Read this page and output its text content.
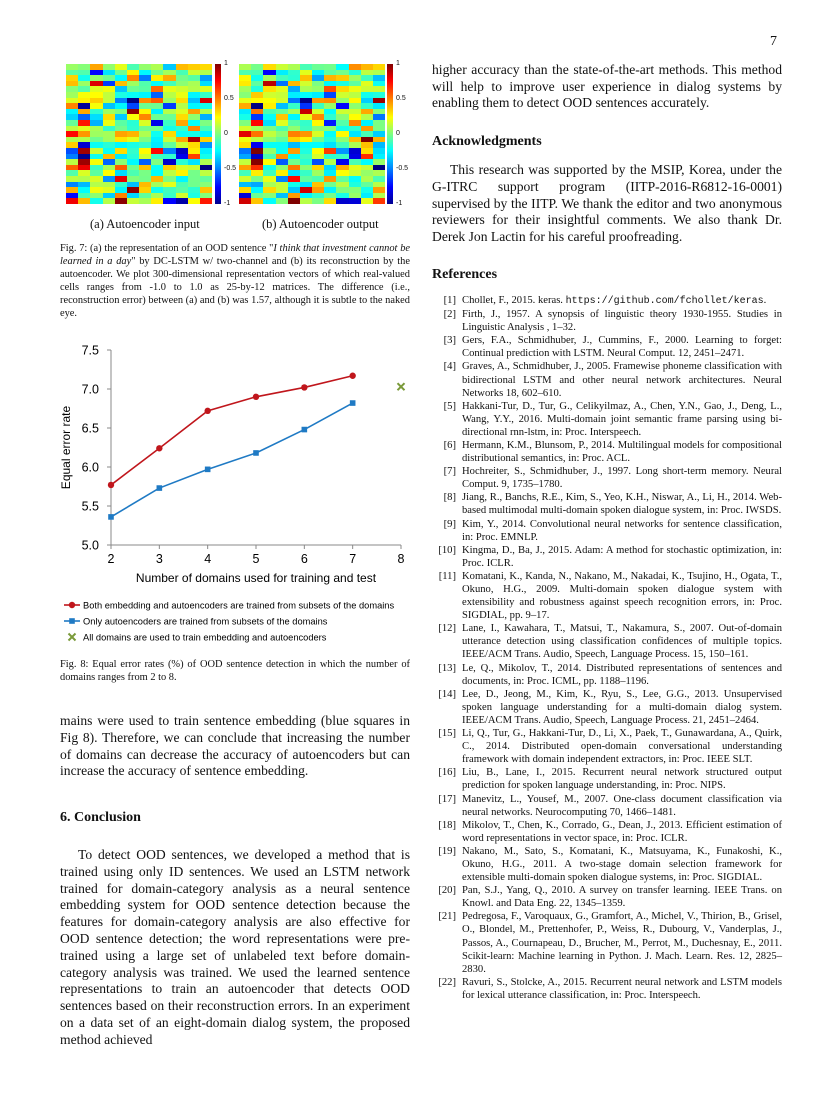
7
1
0.5
0
-0.5
-1
1
0.5
0
-0.5
-1
(a) Autoencoder input	(b) Autoencoder output
Fig. 7: (a) the representation of an OOD sentence "I think that investment cannot be learned in a day" by DC-LSTM w/ two-channel and (b) its reconstruction by the autoencoder. We plot 300-dimensional representation vectors of which real-valued cells ranges from -1.0 to 1.0 as 25-by-12 matrices. The difference (i.e., reconstruction error) between (a) and (b) was 1.57, although it is subtle to the naked eye.
5.0
5.5
6.0
6.5
7.0
7.5
2	3	4	5	6	7	8
Number of domains used for training and test
Equal error rate
Both embedding and autoencoders are trained from subsets of the domains
Only autoencoders are trained from subsets of the domains
All domains are used to train embedding and autoencoders
Fig. 8: Equal error rates (%) of OOD sentence detection in which the number of domains ranges from 2 to 8.

mains were used to train sentence embedding (blue squares in Fig 8). Therefore, we can conclude that increasing the number of domains can decrease the accuracy of autoencoders but can increase the accuracy of sentence embedding.

6. Conclusion

To detect OOD sentences, we developed a method that is trained using only ID sentences. We used an LSTM network trained for domain-category analysis as a neural sentence embedding system for OOD sentence detection because the features for domain-category analysis are also effective for OOD sentence detection; the word representations were pre-trained using a large set of unlabeled text before domain-category analysis was trained. We used the learned sentence representations to train an autoencoder that detects OOD sentences based on their reconstruction errors. In an experiment on a data set of an eight-domain dialog system, the proposed method achieved

higher accuracy than the state-of-the-art methods. This method will help to improve user experience in dialog systems by enabling them to detect OOD sentences accurately.

Acknowledgments

This research was supported by the MSIP, Korea, under the G-ITRC support program (IITP-2016-R6812-16-0001) supervised by the IITP. We thank the editor and two anonymous reviewers for their insightful comments. We also thank Dr. Derek Jon Lactin for his careful proofreading.

References
[1] Chollet, F., 2015. keras. https://github.com/fchollet/keras.
[2] Firth, J., 1957. A synopsis of linguistic theory 1930-1955. Studies in Linguistic Analysis , 1–32.
[3] Gers, F.A., Schmidhuber, J., Cummins, F., 2000. Learning to forget: Continual prediction with LSTM. Neural Comput. 12, 2451–2471.
[4] Graves, A., Schmidhuber, J., 2005. Framewise phoneme classification with bidirectional LSTM and other neural network architectures. Neural Networks 18, 602–610.
[5] Hakkani-Tur, D., Tur, G., Celikyilmaz, A., Chen, Y.N., Gao, J., Deng, L., Wang, Y.Y., 2016. Multi-domain joint semantic frame parsing using bi-directional rnn-lstm, in: Proc. Interspeech.
[6] Hermann, K.M., Blunsom, P., 2014. Multilingual models for compositional distributional semantics, in: Proc. ACL.
[7] Hochreiter, S., Schmidhuber, J., 1997. Long short-term memory. Neural Comput. 9, 1735–1780.
[8] Jiang, R., Banchs, R.E., Kim, S., Yeo, K.H., Niswar, A., Li, H., 2014. Web-based multimodal multi-domain spoken dialogue system, in: Proc. IWSDS.
[9] Kim, Y., 2014. Convolutional neural networks for sentence classification, in: Proc. EMNLP.
[10] Kingma, D., Ba, J., 2015. Adam: A method for stochastic optimization, in: Proc. ICLR.
[11] Komatani, K., Kanda, N., Nakano, M., Nakadai, K., Tsujino, H., Ogata, T., Okuno, H.G., 2009. Multi-domain spoken dialogue system with extensibility and robustness against speech recognition errors, in: Proc. SIGDIAL, pp. 9–17.
[12] Lane, I., Kawahara, T., Matsui, T., Nakamura, S., 2007. Out-of-domain utterance detection using classification confidences of multiple topics. IEEE/ACM Trans. Audio, Speech, Language Process. 15, 150–161.
[13] Le, Q., Mikolov, T., 2014. Distributed representations of sentences and documents, in: Proc. ICML, pp. 1188–1196.
[14] Lee, D., Jeong, M., Kim, K., Ryu, S., Lee, G.G., 2013. Unsupervised spoken language understanding for a multi-domain dialog system. IEEE/ACM Trans. Audio, Speech, Language Process. 21, 2451–2464.
[15] Li, Q., Tur, G., Hakkani-Tur, D., Li, X., Paek, T., Gunawardana, A., Quirk, C., 2014. Distributed open-domain conversational understanding framework with domain independent extractors, in: Proc. IEEE SLT.
[16] Liu, B., Lane, I., 2015. Recurrent neural network structured output prediction for spoken language understanding, in: Proc. NIPS.
[17] Manevitz, L., Yousef, M., 2007. One-class document classification via neural networks. Neurocomputing 70, 1466–1481.
[18] Mikolov, T., Chen, K., Corrado, G., Dean, J., 2013. Efficient estimation of word representations in vector space, in: Proc. ICLR.
[19] Nakano, M., Sato, S., Komatani, K., Matsuyama, K., Funakoshi, K., Okuno, H.G., 2011. A two-stage domain selection framework for extensible multi-domain spoken dialogue systems, in: Proc. SIGDIAL.
[20] Pan, S.J., Yang, Q., 2010. A survey on transfer learning. IEEE Trans. on Knowl. and Data Eng. 22, 1345–1359.
[21] Pedregosa, F., Varoquaux, G., Gramfort, A., Michel, V., Thirion, B., Grisel, O., Blondel, M., Prettenhofer, P., Weiss, R., Dubourg, V., Vanderplas, J., Passos, A., Cournapeau, D., Brucher, M., Perrot, M., Duchesnay, E., 2011. Scikit-learn: Machine learning in Python. J. Mach. Learn. Res. 12, 2825–2830.
[22] Ravuri, S., Stolcke, A., 2015. Recurrent neural network and LSTM models for lexical utterance classification, in: Proc. Interspeech.
